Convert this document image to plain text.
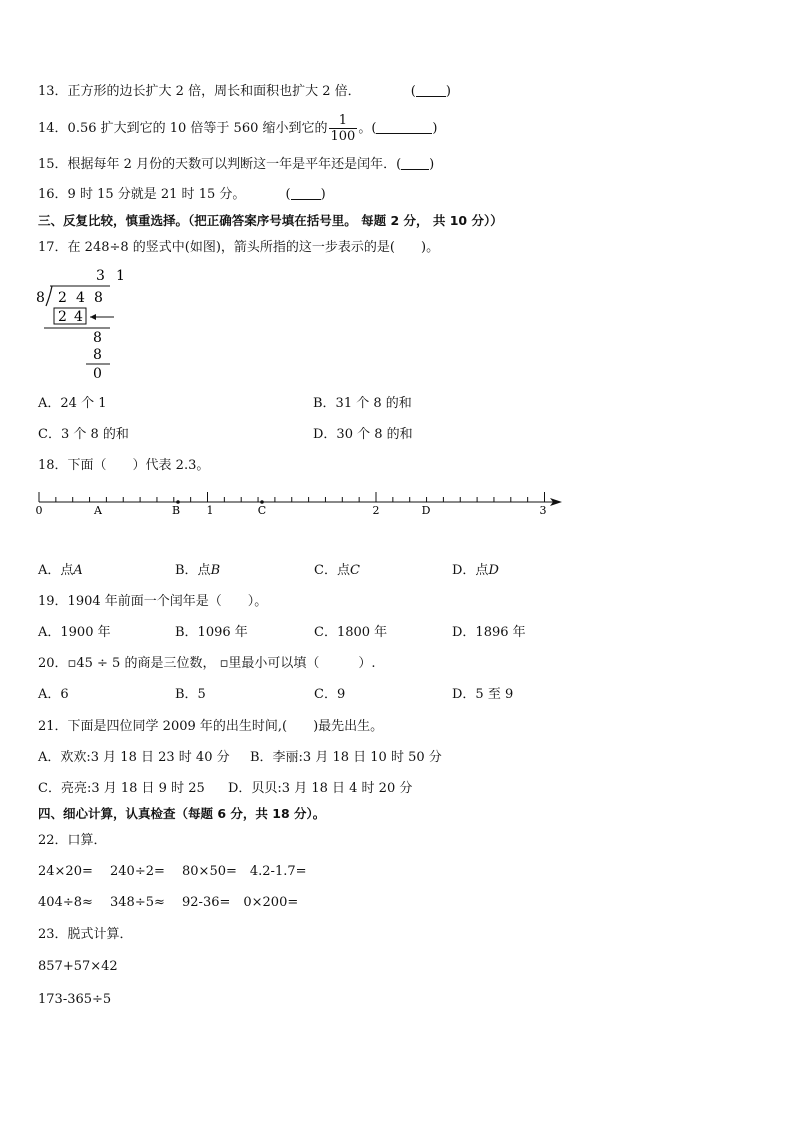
13．正方形的边长扩大 2 倍，周长和面积也扩大 2 倍．	( )
14．0.56 扩大到它的 10 倍等于 560 缩小到它的 $\frac{1}{100}$ 。(	)
15．根据每年 2 月份的天数可以判断这一年是平年还是闰年．( )
16．9 时 15 分就是 21 时 15 分。	( )
三、反复比较，慎重选择。（把正确答案序号填在括号里。 每题 2 分， 共 10 分））
17．在 248÷8 的竖式中(如图)，箭头所指的这一步表示的是(　　)。
3 1
8 2 4 8
2 4
8
8
0
A．24 个 1	B．31 个 8 的和
C．3 个 8 的和	D．30 个 8 的和
18．下面（　　）代表 2.3。
0	A	B 1	C	2	D	3
A．点A	B．点B	C．点C	D．点D
19．1904 年前面一个闰年是（　　）。
A．1900 年	B．1096 年	C．1800 年	D．1896 年
20．▫45 ÷ 5 的商是三位数， ▫里最小可以填（　　　）.
A．6	B．5	C．9	D．5 至 9
21．下面是四位同学 2009 年的出生时间,(　　)最先出生。
A．欢欢:3 月 18 日 23 时 40 分 B．李丽:3 月 18 日 10 时 50 分
C．亮亮:3 月 18 日 9 时 25 D．贝贝:3 月 18 日 4 时 20 分
四、细心计算，认真检查（每题 6 分，共 18 分）。
22．口算．
24×20=　 240÷2=　 80×50=　4.2-1.7=
404÷8≈　 348÷5≈　 92-36=　0×200=
23．脱式计算．
857+57×42
173-365÷5
